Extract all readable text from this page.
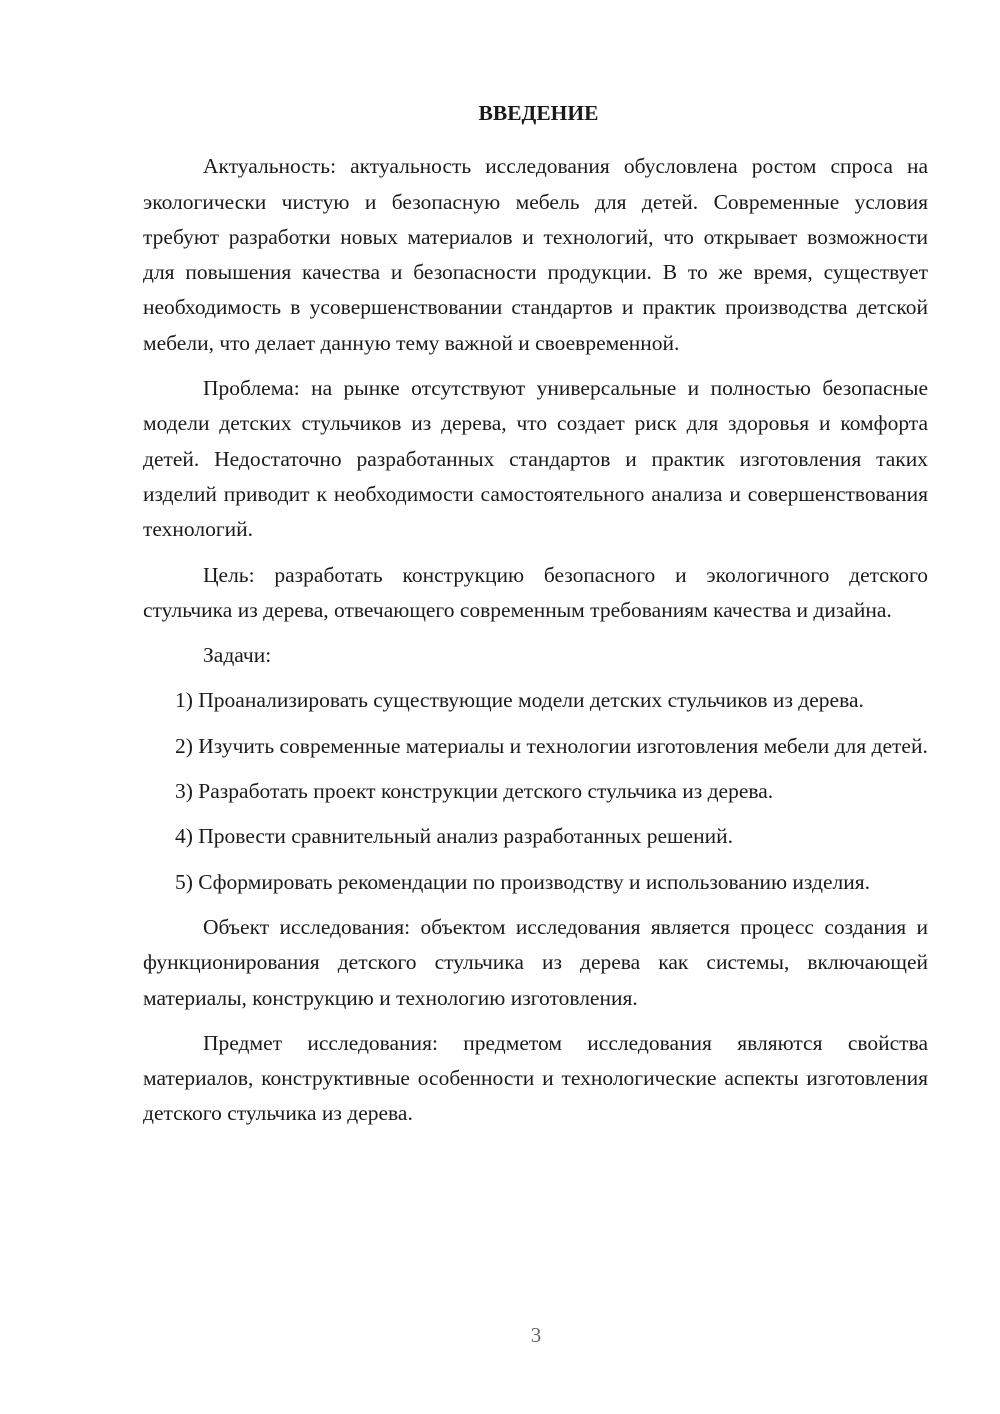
ВВЕДЕНИЕ

Актуальность: актуальность исследования обусловлена ростом спроса на экологически чистую и безопасную мебель для детей. Современные условия требуют разработки новых материалов и технологий, что открывает возможности для повышения качества и безопасности продукции. В то же время, существует необходимость в усовершенствовании стандартов и практик производства детской мебели, что делает данную тему важной и своевременной.

Проблема: на рынке отсутствуют универсальные и полностью безопасные модели детских стульчиков из дерева, что создает риск для здоровья и комфорта детей. Недостаточно разработанных стандартов и практик изготовления таких изделий приводит к необходимости самостоятельного анализа и совершенствования технологий.

Цель: разработать конструкцию безопасного и экологичного детского стульчика из дерева, отвечающего современным требованиям качества и дизайна.

Задачи:

1) Проанализировать существующие модели детских стульчиков из дерева.

2) Изучить современные материалы и технологии изготовления мебели для детей.

3) Разработать проект конструкции детского стульчика из дерева.

4) Провести сравнительный анализ разработанных решений.

5) Сформировать рекомендации по производству и использованию изделия.

Объект исследования: объектом исследования является процесс создания и функционирования детского стульчика из дерева как системы, включающей материалы, конструкцию и технологию изготовления.

Предмет исследования: предметом исследования являются свойства материалов, конструктивные особенности и технологические аспекты изготовления детского стульчика из дерева.

3
